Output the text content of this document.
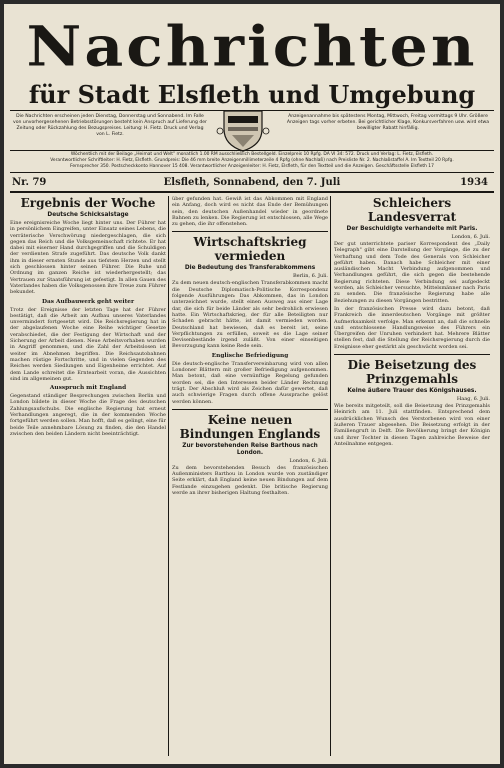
Nachrichten
für Stadt Elsfleth und Umgebung
Die Nachrichten erscheinen jeden Dienstag, Donnerstag und Sonnabend. Im Falle von unvorhergesehenen Betriebsstörungen besteht kein Anspruch auf Lieferung der Zeitung oder Rückzahlung des Bezugspreises. Leitung: H. Fietz. Druck und Verlag von L. Fietz.
Anzeigenannahme bis spätestens Montag, Mittwoch, Freitag vormittags 9 Uhr. Größere Anzeigen tags vorher erbeten. Bei gerichtlicher Klage, Konkursverfahren usw. wird etwa bewilligter Rabatt hinfällig.
Wöchentlich mit der Beilage „Heimat und Welt" monatlich 1.00 RM ausschließlich Bestellgeld. Einzelpreis 10 Rpfg. DA VI 34: 572. Druck und Verlag: L. Fietz, Elsfleth.
Verantwortlicher Schriftleiter: H. Fietz, Elsfleth. Grundpreis: Die 46 mm breite Anzeigenmillimeterzeile 4 Rpfg (ohne Nachlaß) nach Preisliste Nr. 2. Nachlaßstaffel A. Im Textteil 20 Rpfg.
Fernsprecher 350. Postscheckkonto Hannover 15 408. Verantwortlicher Anzeigenleiter: H. Fietz, Elsfleth, für den Textteil und die Anzeigen. Geschäftsstelle Elsfleth 17
Nr. 79	Elsfleth, Sonnabend, den 7. Juli	1934
Ergebnis der Woche
Deutsche Schicksalstage

Eine ereignisreiche Woche liegt hinter uns. Der Führer hat in persönlichem Eingreifen, unter Einsatz seines Lebens, die verräterische Verschwörung niedergeschlagen, die sich gegen das Reich und die Volksgemeinschaft richtete. Er hat dabei mit eiserner Hand durchgegriffen und die Schuldigen der verdienten Strafe zugeführt. Das deutsche Volk dankt ihm in dieser ernsten Stunde aus tiefstem Herzen und stellt sich geschlossen hinter seinen Führer. Die Ruhe und Ordnung im ganzen Reiche ist wiederhergestellt; das Vertrauen zur Staatsführung ist gefestigt. In allen Gauen des Vaterlandes haben die Volksgenossen ihre Treue zum Führer bekundet.

Das Aufbauwerk geht weiter

Trotz der Ereignisse der letzten Tage hat der Führer bestätigt, daß die Arbeit am Aufbau unseres Vaterlandes unvermindert fortgesetzt wird. Die Reichsregierung hat in der abgelaufenen Woche eine Reihe wichtiger Gesetze verabschiedet, die der Festigung der Wirtschaft und der Sicherung der Arbeit dienen. Neue Arbeitsvorhaben wurden in Angriff genommen, und die Zahl der Arbeitslosen ist weiter im Abnehmen begriffen. Die Reichsautobahnen machen rüstige Fortschritte, und in vielen Gegenden des Reiches werden Siedlungen und Eigenheime errichtet. Auf dem Lande schreitet die Erntearbeit voran, die Aussichten sind im allgemeinen gut.

Ausspruch mit England

Gegenstand ständiger Besprechungen zwischen Berlin und London bildete in dieser Woche die Frage des deutschen Zahlungsaufschubs. Die englische Regierung hat erneut Verhandlungen angeregt, die in der kommenden Woche fortgeführt werden sollen. Man hofft, daß es gelingt, eine für beide Teile annehmbare Lösung zu finden, die den Handel zwischen den beiden Ländern nicht beeinträchtigt.

über gefunden hat. Gewiß ist das Abkommen mit England ein Anfang, doch wird es nicht das Ende der Bemühungen sein, den deutschen Außenhandel wieder in geordnete Bahnen zu lenken. Die Regierung ist entschlossen, alle Wege zu gehen, die ihr offenstehen.

Wirtschaftskrieg vermieden
Die Bedeutung des Transferabkommens

Berlin, 6. Juli.

Zu dem neuen deutsch-englischen Transferabkommen macht die Deutsche Diplomatisch-Politische Korrespondenz folgende Ausführungen: Das Abkommen, das in London unterzeichnet wurde, stellt einen Ausweg aus einer Lage dar, die sich für beide Länder als sehr bedrohlich erwiesen hatte. Ein Wirtschaftskrieg, der für alle Beteiligten nur Schaden gebracht hätte, ist damit vermieden worden. Deutschland hat bewiesen, daß es bereit ist, seine Verpflichtungen zu erfüllen, soweit es die Lage seiner Devisenbestände irgend zuläßt. Von einer einseitigen Bevorzugung kann keine Rede sein.

Englische Befriedigung

Die deutsch-englische Transfervereinbarung wird von allen Londoner Blättern mit großer Befriedigung aufgenommen. Man betont, daß eine vernünftige Regelung gefunden worden sei, die den Interessen beider Länder Rechnung trägt. Der Abschluß wird als Zeichen dafür gewertet, daß auch schwierige Fragen durch offene Aussprache gelöst werden können.

Keine neuen Bindungen Englands
Zur bevorstehenden Reise Barthous nach London.

London, 6. Juli.

Zu dem bevorstehenden Besuch des französischen Außenministers Barthou in London wurde von zuständiger Seite erklärt, daß England keine neuen Bindungen auf dem Festlande einzugehen gedenkt. Die britische Regierung werde an ihrer bisherigen Haltung festhalten.

Schleichers Landesverrat
Der Beschuldigte verhandelte mit Paris.

London, 6. Juli.

Der gut unterrichtete pariser Korrespondent des „Daily Telegraph" gibt eine Darstellung der Vorgänge, die zu der Verhaftung und dem Tode des Generals von Schleicher geführt haben. Danach habe Schleicher mit einer ausländischen Macht Verbindung aufgenommen und Verhandlungen geführt, die sich gegen die bestehende Regierung richteten. Diese Verbindung sei aufgedeckt worden, als Schleicher versuchte, Mittelsmänner nach Paris zu senden. Die französische Regierung habe alle Beziehungen zu diesen Vorgängen bestritten.

In der französischen Presse wird dazu betont, daß Frankreich die innerdeutschen Vorgänge mit größter Aufmerksamkeit verfolge. Man erkennt an, daß die schnelle und entschlossene Handlungsweise des Führers ein Übergreifen der Unruhen verhindert hat. Mehrere Blätter stellen fest, daß die Stellung der Reichsregierung durch die Ereignisse eher gestärkt als geschwächt worden sei.

Die Beisetzung des Prinzgemahls
Keine äußere Trauer des Königshauses.

Haag, 6. Juli.

Wie bereits mitgeteilt, soll die Beisetzung des Prinzgemahls Heinrich am 11. Juli stattfinden. Entsprechend dem ausdrücklichen Wunsch des Verstorbenen wird von einer äußeren Trauer abgesehen. Die Beisetzung erfolgt in der Familiengruft in Delft. Die Bevölkerung bringt der Königin und ihrer Tochter in diesen Tagen zahlreiche Beweise der Anteilnahme entgegen.
